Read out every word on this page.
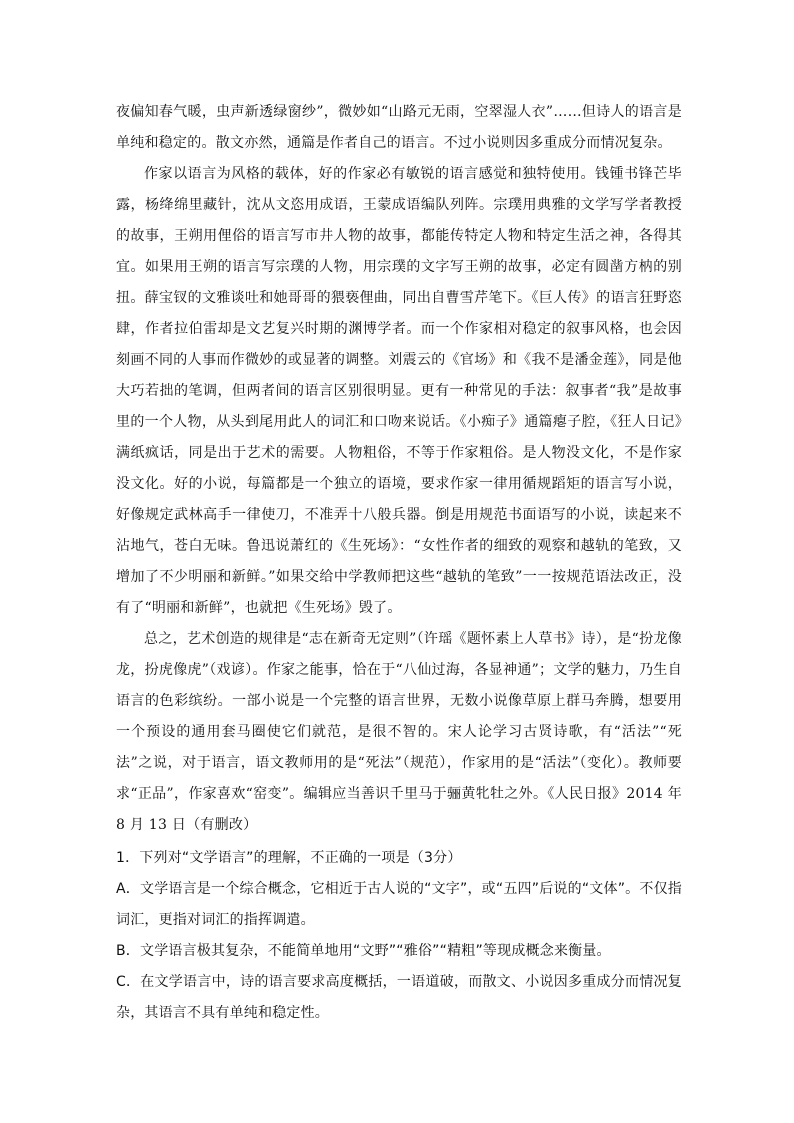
夜偏知春气暖，虫声新透绿窗纱”，微妙如“山路元无雨，空翠湿人衣”……但诗人的语言是单纯和稳定的。散文亦然，通篇是作者自己的语言。不过小说则因多重成分而情况复杂。

作家以语言为风格的载体，好的作家必有敏锐的语言感觉和独特使用。钱锺书锋芒毕露，杨绛绵里藏针，沈从文恣用成语，王蒙成语编队列阵。宗璞用典雅的文学写学者教授的故事，王朔用俚俗的语言写市井人物的故事，都能传特定人物和特定生活之神，各得其宜。如果用王朔的语言写宗璞的人物，用宗璞的文字写王朔的故事，必定有圆凿方枘的别扭。薛宝钗的文雅谈吐和她哥哥的猥亵俚曲，同出自曹雪芹笔下。《巨人传》的语言狂野恣肆，作者拉伯雷却是文艺复兴时期的渊博学者。而一个作家相对稳定的叙事风格，也会因刻画不同的人事而作微妙的或显著的调整。刘震云的《官场》和《我不是潘金莲》，同是他大巧若拙的笔调，但两者间的语言区别很明显。更有一种常见的手法：叙事者“我”是故事里的一个人物，从头到尾用此人的词汇和口吻来说话。《小痴子》通篇瘪子腔，《狂人日记》满纸疯话，同是出于艺术的需要。人物粗俗，不等于作家粗俗。是人物没文化，不是作家没文化。好的小说，每篇都是一个独立的语境，要求作家一律用循规蹈矩的语言写小说，好像规定武林高手一律使刀，不准弄十八般兵器。倒是用规范书面语写的小说，读起来不沾地气，苍白无味。鲁迅说萧红的《生死场》：“女性作者的细致的观察和越轨的笔致，又增加了不少明丽和新鲜。”如果交给中学教师把这些“越轨的笔致”一一按规范语法改正，没有了“明丽和新鲜”，也就把《生死场》毁了。

总之，艺术创造的规律是“志在新奇无定则”（许瑶《题怀素上人草书》诗），是“扮龙像龙，扮虎像虎”（戏谚）。作家之能事，恰在于“八仙过海，各显神通”；文学的魅力，乃生自语言的色彩缤纷。一部小说是一个完整的语言世界，无数小说像草原上群马奔腾，想要用一个预设的通用套马圈使它们就范，是很不智的。宋人论学习古贤诗歌，有“活法”“死法”之说，对于语言，语文教师用的是“死法”（规范），作家用的是“活法”（变化）。教师要求“正品”，作家喜欢“窑变”。编辑应当善识千里马于骊黄牝牡之外。《人民日报》2014 年 8 月 13 日（有删改）

1．下列对“文学语言”的理解，不正确的一项是（3分）

A．文学语言是一个综合概念，它相近于古人说的“文字”，或“五四”后说的“文体”。不仅指词汇，更指对词汇的指挥调遣。

B．文学语言极其复杂，不能简单地用“文野”“雅俗”“精粗”等现成概念来衡量。

C．在文学语言中，诗的语言要求高度概括，一语道破，而散文、小说因多重成分而情况复杂，其语言不具有单纯和稳定性。
